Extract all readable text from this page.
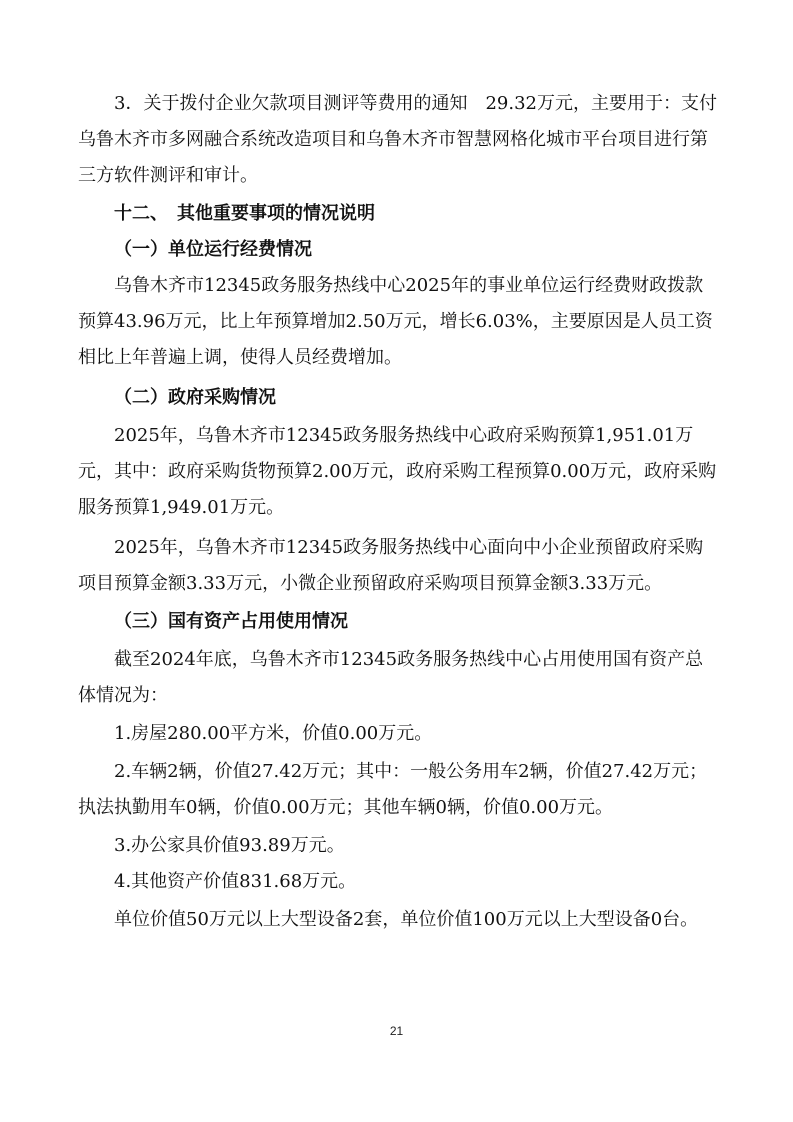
3．关于拨付企业欠款项目测评等费用的通知　29.32万元，主要用于：支付乌鲁木齐市多网融合系统改造项目和乌鲁木齐市智慧网格化城市平台项目进行第三方软件测评和审计。

十二、　其他重要事项的情况说明

（一）单位运行经费情况

乌鲁木齐市12345政务服务热线中心2025年的事业单位运行经费财政拨款预算43.96万元，比上年预算增加2.50万元，增长6.03%，主要原因是人员工资相比上年普遍上调，使得人员经费增加。

（二）政府采购情况

2025年，乌鲁木齐市12345政务服务热线中心政府采购预算1,951.01万元，其中：政府采购货物预算2.00万元，政府采购工程预算0.00万元，政府采购服务预算1,949.01万元。

2025年，乌鲁木齐市12345政务服务热线中心面向中小企业预留政府采购项目预算金额3.33万元，小微企业预留政府采购项目预算金额3.33万元。

（三）国有资产占用使用情况

截至2024年底，乌鲁木齐市12345政务服务热线中心占用使用国有资产总体情况为：

1.房屋280.00平方米，价值0.00万元。

2.车辆2辆，价值27.42万元；其中：一般公务用车2辆，价值27.42万元；执法执勤用车0辆，价值0.00万元；其他车辆0辆，价值0.00万元。

3.办公家具价值93.89万元。

4.其他资产价值831.68万元。

单位价值50万元以上大型设备2套，单位价值100万元以上大型设备0台。

21
